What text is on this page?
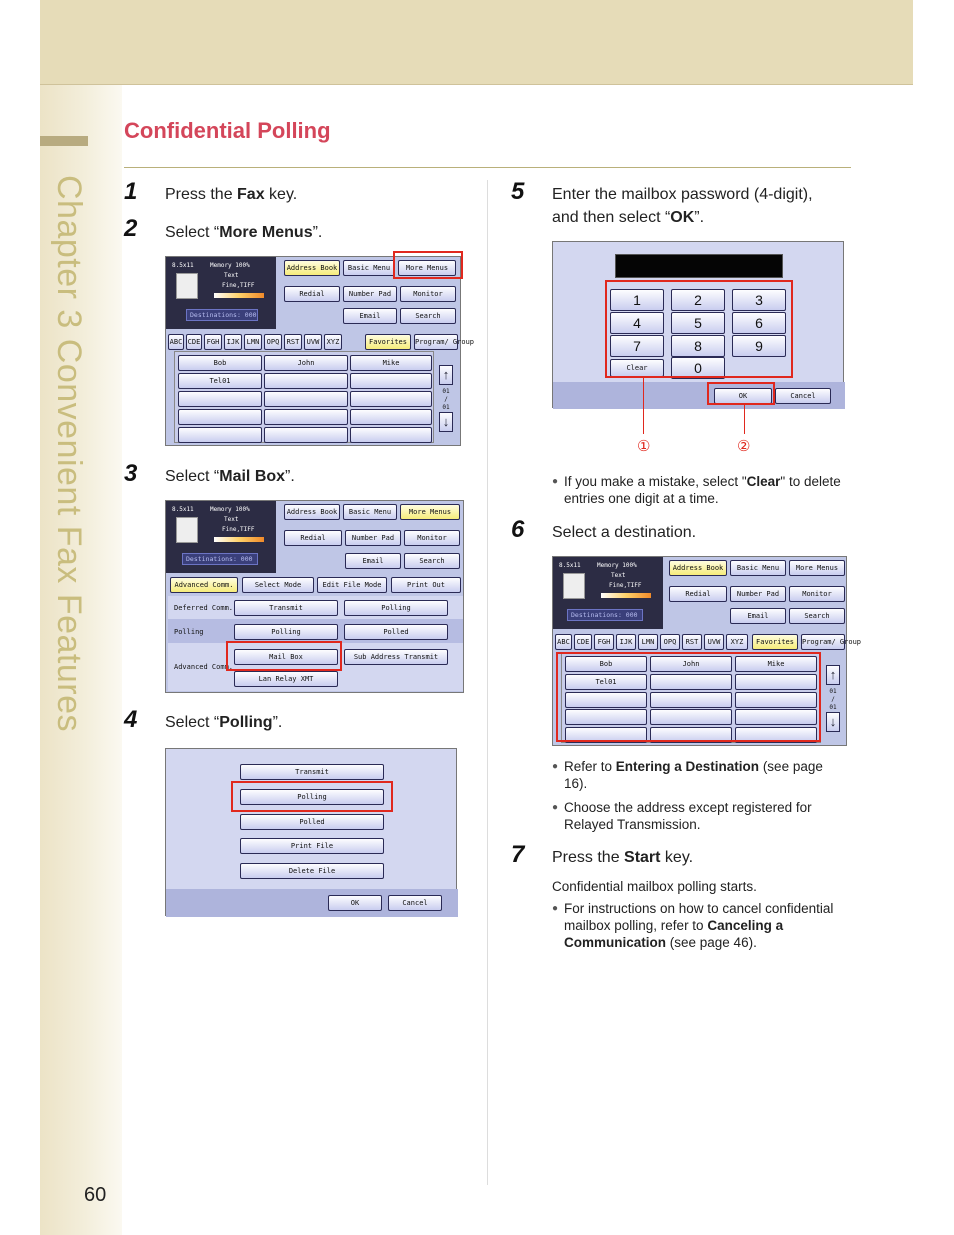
Chapter 3 Convenient Fax Features
Confidential Polling
1 Press the Fax key.
2 Select “More Menus”.
8.5x11	Memory 100%
Text
Fine,TIFF
Destinations: 000
Address Book	Basic Menu	More Menus
Redial	Number Pad	Monitor
Email	Search
ABC CDE FGH	IJK	LMN	OPQ	RST	UVW	XYZ	Favorites	Program/ Group
Bob	John	Mike
Tel01	↑
01
/
01
↓
3 Select “Mail Box”.
8.5x11	Memory 100%
Text
Fine,TIFF
Destinations: 000
Address Book	Basic Menu	More Menus
Redial	Number Pad	Monitor
Email	Search
Advanced Comm.	Select Mode	Edit File Mode	Print Out
Deferred Comm.	Transmit	Polling
Polling	Polling	Polled
Advanced Comm.
Mail Box	Sub Address Transmit
Lan Relay XMT
4 Select “Polling”.
Transmit
Polling
Polled
Print File
Delete File
OK	Cancel
5 Enter the mailbox password (4-digit),
and then select “OK”.
1	2	3
4	5	6
7	8	9
Clear	0
OK	Cancel
①	②
● If you make a mistake, select "Clear" to delete entries one digit at a time.
6 Select a destination.
8.5x11	Memory 100%
Text
Fine,TIFF
Destinations: 000
Address Book	Basic Menu	More Menus
Redial	Number Pad	Monitor
Email	Search
ABC CDE	FGH	IJK	LMN	OPQ	RST	UVW	XYZ	Favorites	Program/ Group
Bob	John	Mike
Tel01	↑
01
/
01
↓
● Refer to Entering a Destination (see page 16).
● Choose the address except registered for Relayed Transmission.
7 Press the Start key.
Confidential mailbox polling starts.
● For instructions on how to cancel confidential mailbox polling, refer to Canceling a Communication (see page 46).
60
